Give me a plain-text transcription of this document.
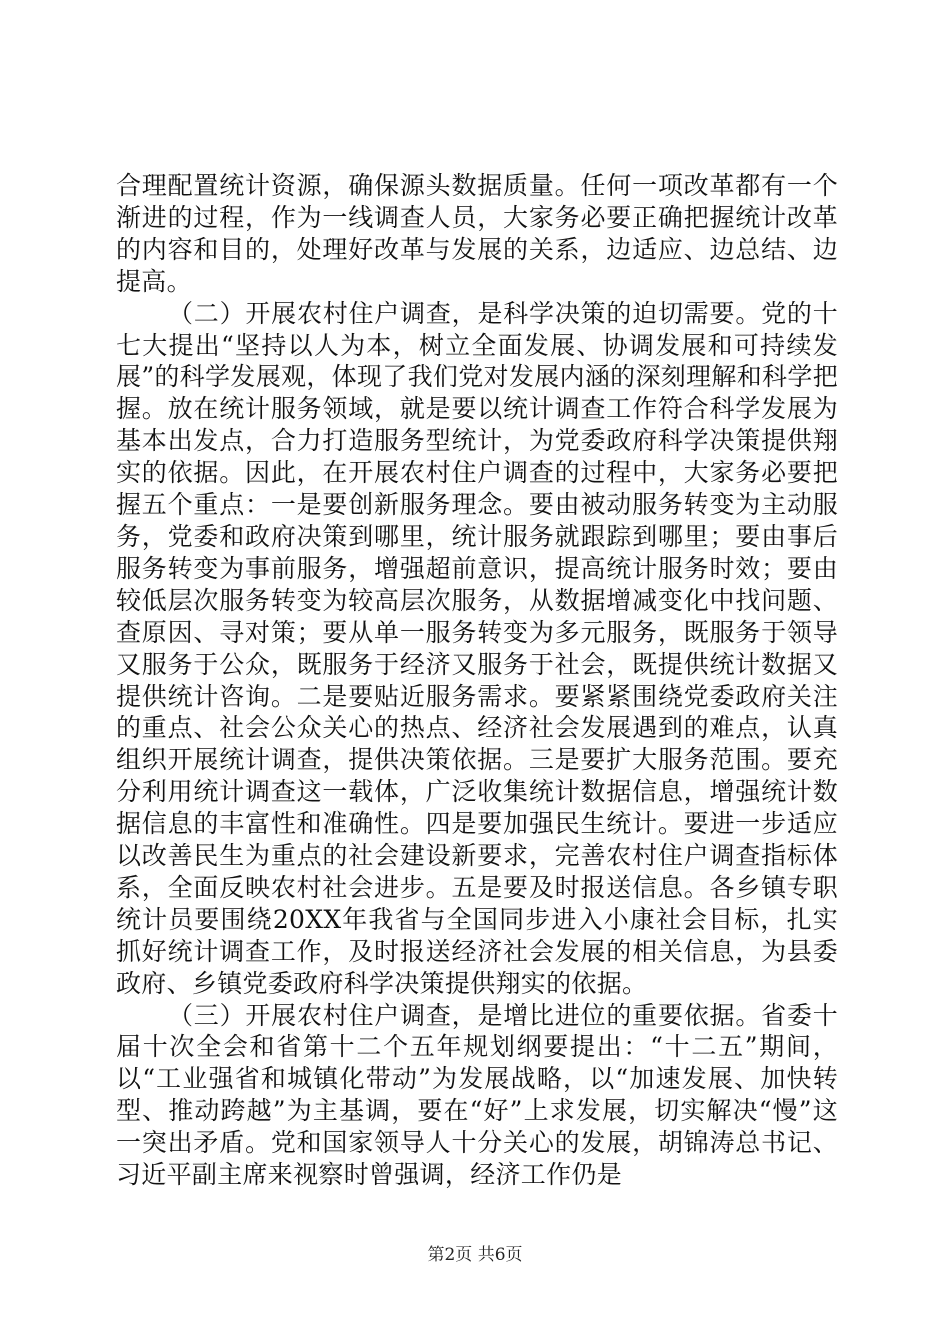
合理配置统计资源，确保源头数据质量。任何一项改革都有一个渐进的过程，作为一线调查人员，大家务必要正确把握统计改革的内容和目的，处理好改革与发展的关系，边适应、边总结、边提高。

（二）开展农村住户调查，是科学决策的迫切需要。党的十七大提出“坚持以人为本，树立全面发展、协调发展和可持续发展”的科学发展观，体现了我们党对发展内涵的深刻理解和科学把握。放在统计服务领域，就是要以统计调查工作符合科学发展为基本出发点，合力打造服务型统计，为党委政府科学决策提供翔实的依据。因此，在开展农村住户调查的过程中，大家务必要把握五个重点：一是要创新服务理念。要由被动服务转变为主动服务，党委和政府决策到哪里，统计服务就跟踪到哪里；要由事后服务转变为事前服务，增强超前意识，提高统计服务时效；要由较低层次服务转变为较高层次服务，从数据增减变化中找问题、查原因、寻对策；要从单一服务转变为多元服务，既服务于领导又服务于公众，既服务于经济又服务于社会，既提供统计数据又提供统计咨询。二是要贴近服务需求。要紧紧围绕党委政府关注的重点、社会公众关心的热点、经济社会发展遇到的难点，认真组织开展统计调查，提供决策依据。三是要扩大服务范围。要充分利用统计调查这一载体，广泛收集统计数据信息，增强统计数据信息的丰富性和准确性。四是要加强民生统计。要进一步适应以改善民生为重点的社会建设新要求，完善农村住户调查指标体系，全面反映农村社会进步。五是要及时报送信息。各乡镇专职统计员要围绕20XX年我省与全国同步进入小康社会目标，扎实抓好统计调查工作，及时报送经济社会发展的相关信息，为县委政府、乡镇党委政府科学决策提供翔实的依据。

（三）开展农村住户调查，是增比进位的重要依据。省委十届十次全会和省第十二个五年规划纲要提出：“十二五”期间，以“工业强省和城镇化带动”为发展战略，以“加速发展、加快转型、推动跨越”为主基调，要在“好”上求发展，切实解决“慢”这一突出矛盾。党和国家领导人十分关心的发展，胡锦涛总书记、习近平副主席来视察时曾强调，经济工作仍是

第2页 共6页
